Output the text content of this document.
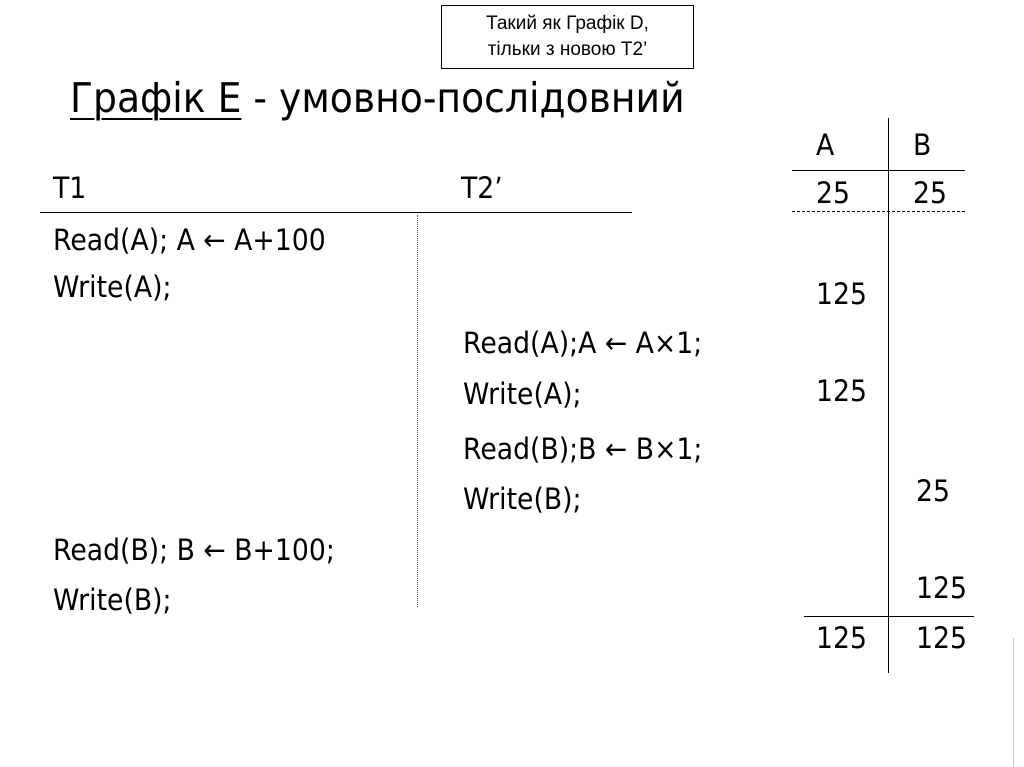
Такий як Графік D,
тільки з новою T2’
Графік E - умовно-послідовний
T1	T2’
Read(A); A ← A+100
Write(A);
Read(B); B ← B+100;
Write(B);
Read(A);A ← A×1;
Write(A);
Read(B);B ← B×1;
Write(B);
A	B
25 25
125
125
25
125
125 125
